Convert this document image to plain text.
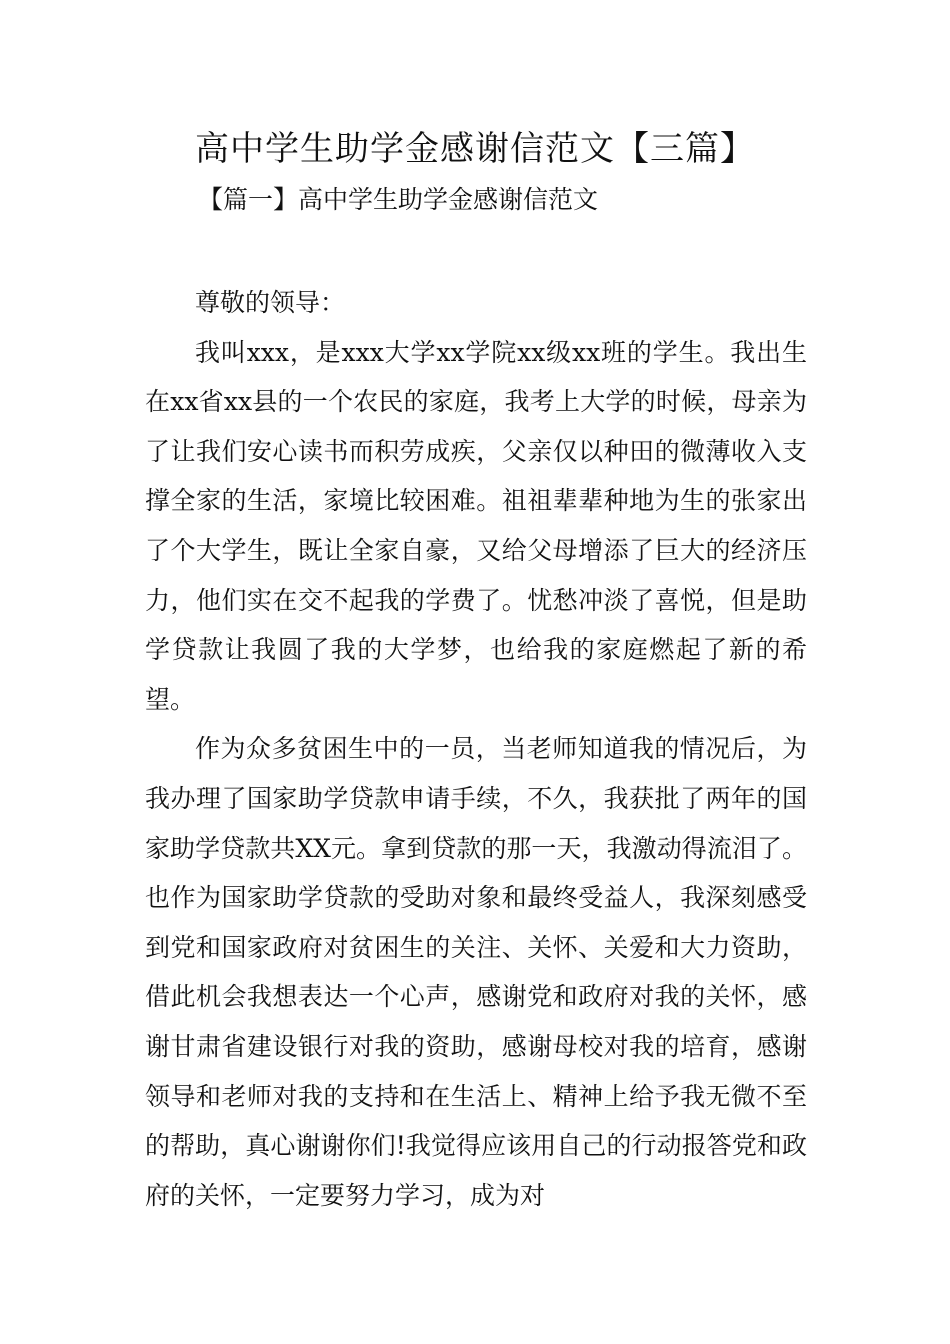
高中学生助学金感谢信范文【三篇】
【篇一】高中学生助学金感谢信范文

尊敬的领导：

我叫xxx，是xxx大学xx学院xx级xx班的学生。我出生在xx省xx县的一个农民的家庭，我考上大学的时候，母亲为了让我们安心读书而积劳成疾，父亲仅以种田的微薄收入支撑全家的生活，家境比较困难。祖祖辈辈种地为生的张家出了个大学生，既让全家自豪，又给父母增添了巨大的经济压力，他们实在交不起我的学费了。忧愁冲淡了喜悦，但是助学贷款让我圆了我的大学梦，也给我的家庭燃起了新的希望。

作为众多贫困生中的一员，当老师知道我的情况后，为我办理了国家助学贷款申请手续，不久，我获批了两年的国家助学贷款共XX元。拿到贷款的那一天，我激动得流泪了。也作为国家助学贷款的受助对象和最终受益人，我深刻感受到党和国家政府对贫困生的关注、关怀、关爱和大力资助，借此机会我想表达一个心声，感谢党和政府对我的关怀，感谢甘肃省建设银行对我的资助，感谢母校对我的培育，感谢领导和老师对我的支持和在生活上、精神上给予我无微不至的帮助，真心谢谢你们!我觉得应该用自己的行动报答党和政府的关怀，一定要努力学习，成为对
